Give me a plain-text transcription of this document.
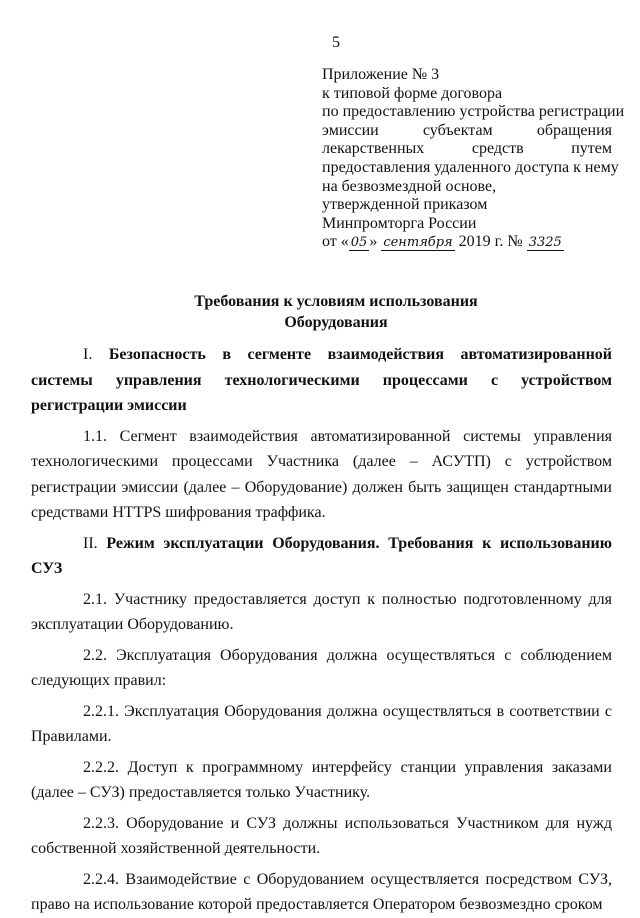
5
Приложение № 3
к типовой форме договора
по предоставлению устройства регистрации
эмиссии	субъектам	обращения
лекарственных	средств	путем
предоставления удаленного доступа к нему
на безвозмездной основе,
утвержденной приказом
Минпромторга России
от « 05 » сентября 2019 г. № 3325
Требования к условиям использования
Оборудования

I. Безопасность в сегменте взаимодействия автоматизированной системы управления технологическими процессами с устройством регистрации эмиссии

1.1. Сегмент взаимодействия автоматизированной системы управления технологическими процессами Участника (далее – АСУТП) с устройством регистрации эмиссии (далее – Оборудование) должен быть защищен стандартными средствами HTTPS шифрования траффика.

II. Режим эксплуатации Оборудования. Требования к использованию СУЗ

2.1. Участнику предоставляется доступ к полностью подготовленному для эксплуатации Оборудованию.

2.2. Эксплуатация Оборудования должна осуществляться с соблюдением следующих правил:

2.2.1. Эксплуатация Оборудования должна осуществляться в соответствии с Правилами.

2.2.2. Доступ к программному интерфейсу станции управления заказами (далее – СУЗ) предоставляется только Участнику.

2.2.3. Оборудование и СУЗ должны использоваться Участником для нужд собственной хозяйственной деятельности.

2.2.4. Взаимодействие с Оборудованием осуществляется посредством СУЗ, право на использование которой предоставляется Оператором безвозмездно сроком
